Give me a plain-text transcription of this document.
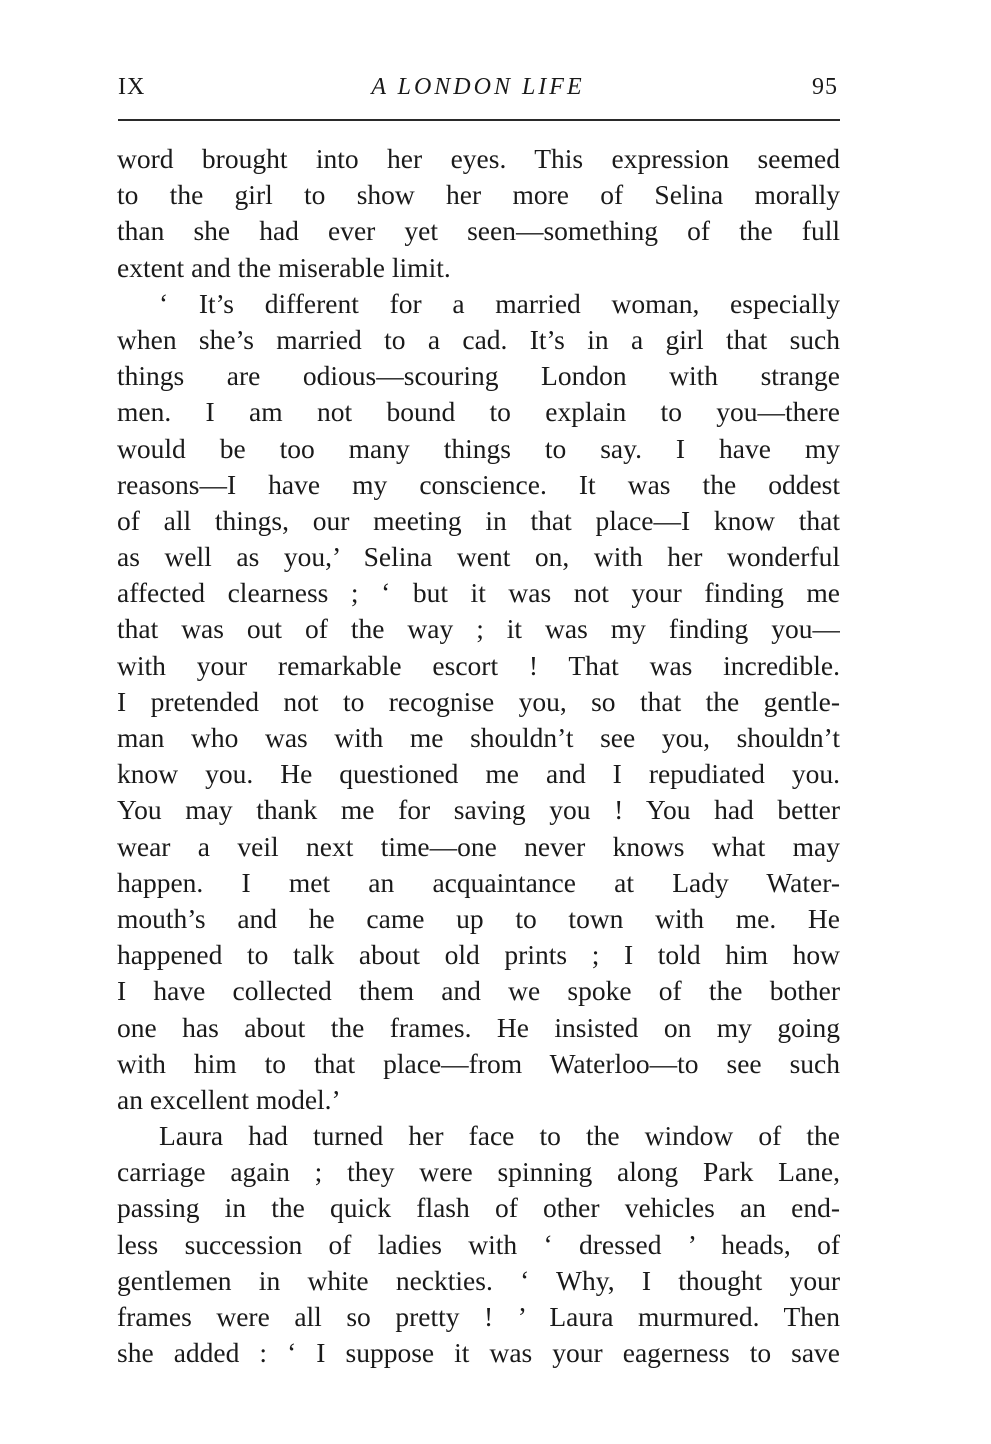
IX	A LONDON LIFE	95
word brought into her eyes. This expression seemed
to the girl to show her more of Selina morally
than she had ever yet seen—something of the full
extent and the miserable limit.
‘ It’s different for a married woman, especially
when she’s married to a cad. It’s in a girl that such
things are odious—scouring London with strange
men. I am not bound to explain to you—there
would be too many things to say. I have my
reasons—I have my conscience. It was the oddest
of all things, our meeting in that place—I know that
as well as you,’ Selina went on, with her wonderful
affected clearness ; ‘ but it was not your finding me
that was out of the way ; it was my finding you—
with your remarkable escort ! That was incredible.
I pretended not to recognise you, so that the gentle-
man who was with me shouldn’t see you, shouldn’t
know you. He questioned me and I repudiated you.
You may thank me for saving you ! You had better
wear a veil next time—one never knows what may
happen. I met an acquaintance at Lady Water-
mouth’s and he came up to town with me. He
happened to talk about old prints ; I told him how
I have collected them and we spoke of the bother
one has about the frames. He insisted on my going
with him to that place—from Waterloo—to see such
an excellent model.’
Laura had turned her face to the window of the
carriage again ; they were spinning along Park Lane,
passing in the quick flash of other vehicles an end-
less succession of ladies with ‘ dressed ’ heads, of
gentlemen in white neckties. ‘ Why, I thought your
frames were all so pretty ! ’ Laura murmured. Then
she added : ‘ I suppose it was your eagerness to save
